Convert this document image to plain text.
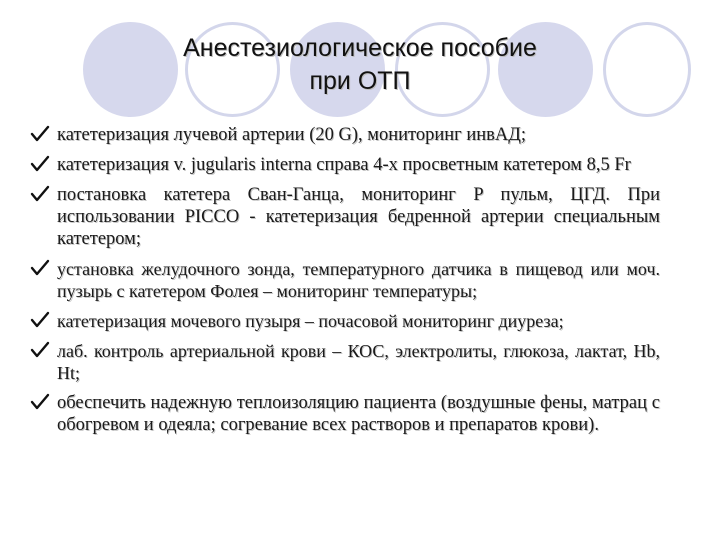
Анестезиологическое пособие
при ОТП
катетеризация лучевой артерии (20 G), мониторинг инвАД;
катетеризация v. jugularis interna справа 4-х просветным катетером 8,5 Fr
постановка катетера Сван-Ганца, мониторинг P пульм, ЦГД. При использовании PICCO - катетеризация бедренной артерии специальным катетером;
установка желудочного зонда, температурного датчика в пищевод или моч. пузырь с катетером Фолея – мониторинг температуры;
катетеризация мочевого пузыря – почасовой мониторинг диуреза;
лаб. контроль артериальной крови – КОС, электролиты, глюкоза, лактат, Hb, Ht;
обеспечить надежную теплоизоляцию пациента (воздушные фены, матрац с обогревом и одеяла; согревание всех растворов и препаратов крови).
